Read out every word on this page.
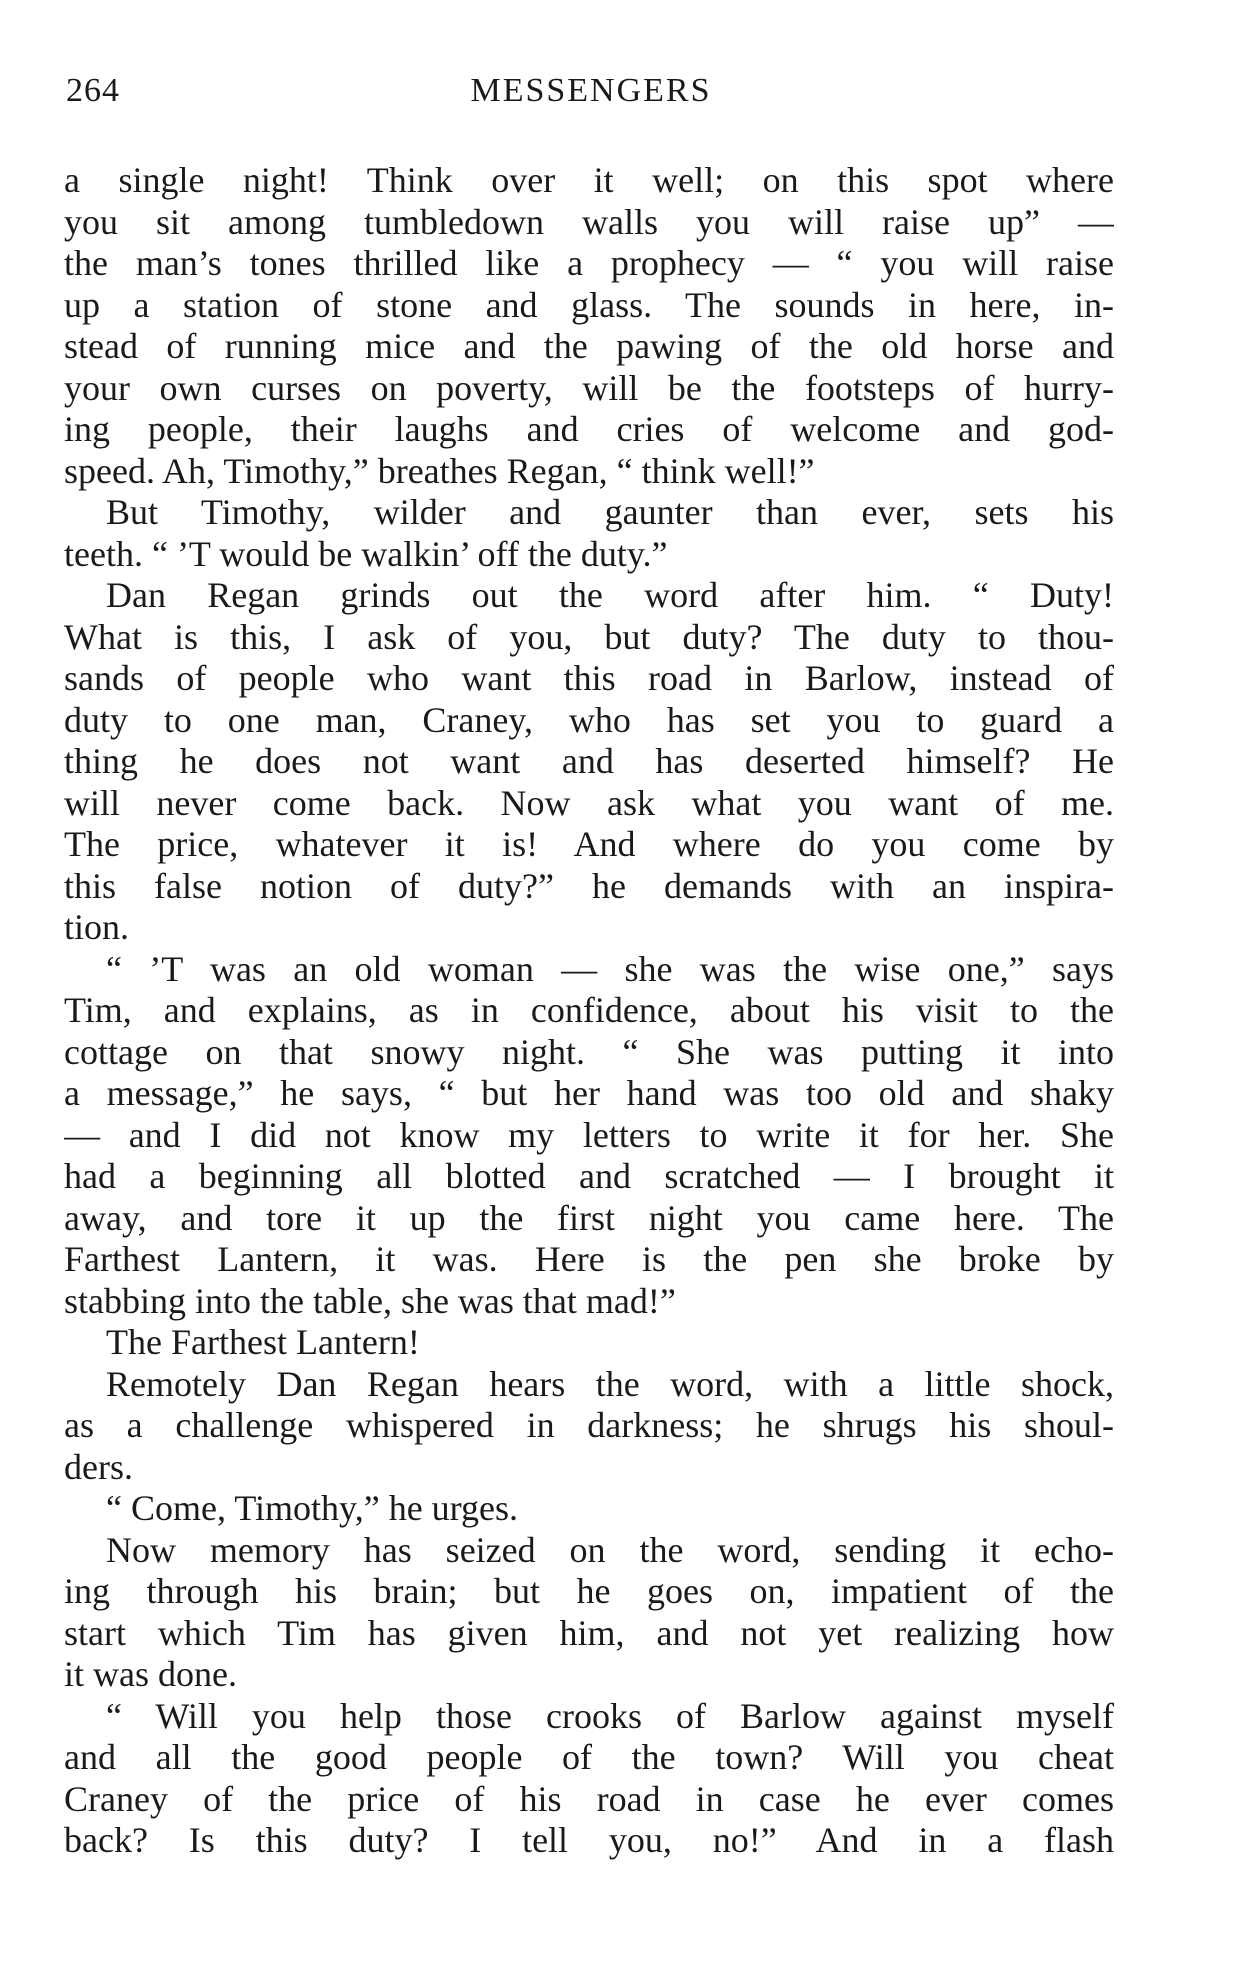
264	MESSENGERS
a single night! Think over it well; on this spot where
you sit among tumbledown walls you will raise up” —
the man’s tones thrilled like a prophecy — “ you will raise
up a station of stone and glass. The sounds in here, in-
stead of running mice and the pawing of the old horse and
your own curses on poverty, will be the footsteps of hurry-
ing people, their laughs and cries of welcome and god-
speed. Ah, Timothy,” breathes Regan, “ think well!”
But Timothy, wilder and gaunter than ever, sets his
teeth. “ ’T would be walkin’ off the duty.”
Dan Regan grinds out the word after him. “ Duty!
What is this, I ask of you, but duty? The duty to thou-
sands of people who want this road in Barlow, instead of
duty to one man, Craney, who has set you to guard a
thing he does not want and has deserted himself? He
will never come back. Now ask what you want of me.
The price, whatever it is! And where do you come by
this false notion of duty?” he demands with an inspira-
tion.
“ ’T was an old woman — she was the wise one,” says
Tim, and explains, as in confidence, about his visit to the
cottage on that snowy night. “ She was putting it into
a message,” he says, “ but her hand was too old and shaky
— and I did not know my letters to write it for her. She
had a beginning all blotted and scratched — I brought it
away, and tore it up the first night you came here. The
Farthest Lantern, it was. Here is the pen she broke by
stabbing into the table, she was that mad!”
The Farthest Lantern!
Remotely Dan Regan hears the word, with a little shock,
as a challenge whispered in darkness; he shrugs his shoul-
ders.
“ Come, Timothy,” he urges.
Now memory has seized on the word, sending it echo-
ing through his brain; but he goes on, impatient of the
start which Tim has given him, and not yet realizing how
it was done.
“ Will you help those crooks of Barlow against myself
and all the good people of the town? Will you cheat
Craney of the price of his road in case he ever comes
back? Is this duty? I tell you, no!” And in a flash
